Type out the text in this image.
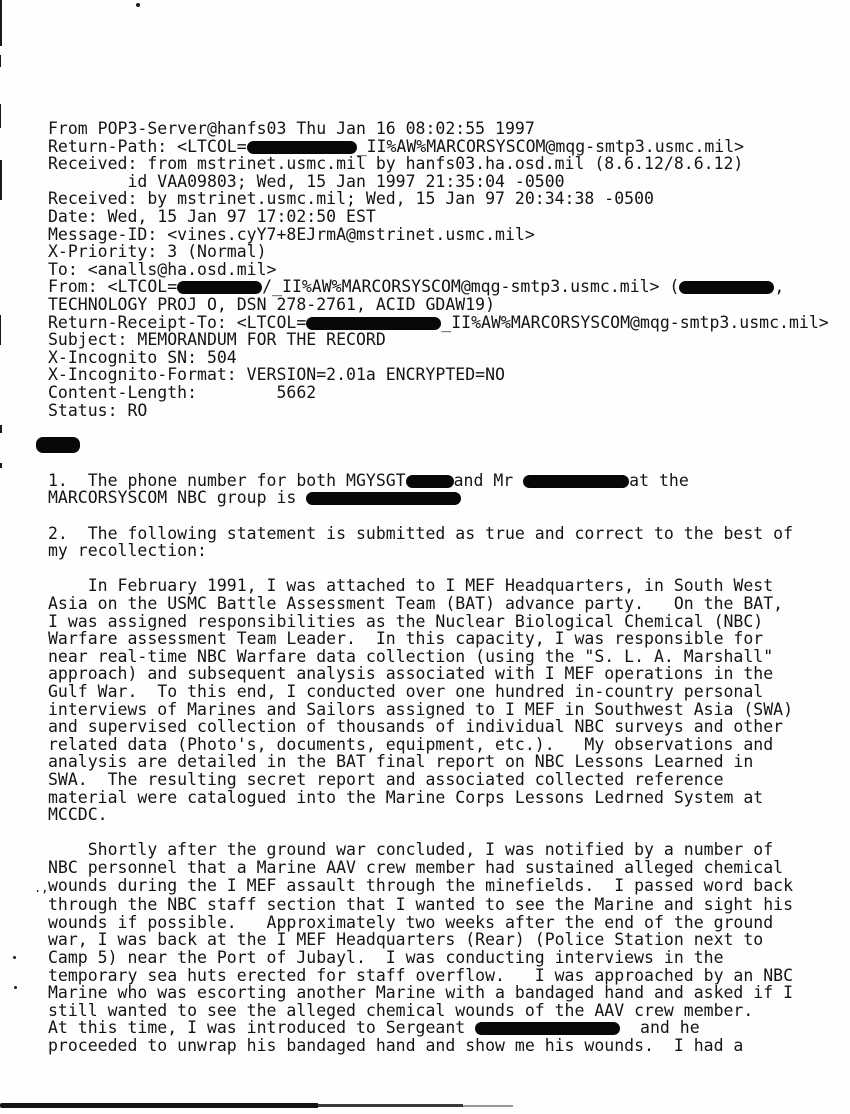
From POP3-Server@hanfs03 Thu Jan 16 08:02:55 1997
Return-Path: <LTCOL=	_II%AW%MARCORSYSCOM@mqg-smtp3.usmc.mil>
Received: from mstrinet.usmc.mil by hanfs03.ha.osd.mil (8.6.12/8.6.12)
id VAA09803; Wed, 15 Jan 1997 21:35:04 -0500
Received: by mstrinet.usmc.mil; Wed, 15 Jan 97 20:34:38 -0500
Date: Wed, 15 Jan 97 17:02:50 EST
Message-ID: <vines.cyY7+8EJrmA@mstrinet.usmc.mil>
X-Priority: 3 (Normal)
To: <analls@ha.osd.mil>
From: <LTCOL=	/_II%AW%MARCORSYSCOM@mqg-smtp3.usmc.mil> (	,
TECHNOLOGY PROJ O, DSN 278-2761, ACID GDAW19)
Return-Receipt-To: <LTCOL=	_II%AW%MARCORSYSCOM@mqg-smtp3.usmc.mil>
Subject: MEMORANDUM FOR THE RECORD
X-Incognito SN: 504
X-Incognito-Format: VERSION=2.01a ENCRYPTED=NO
Content-Length:        5662
Status: RO
1.  The phone number for both MGYSGT	and Mr	at the
MARCORSYSCOM NBC group is
2.  The following statement is submitted as true and correct to the best of
my recollection:
In February 1991, I was attached to I MEF Headquarters, in South West
Asia on the USMC Battle Assessment Team (BAT) advance party.   On the BAT,
I was assigned responsibilities as the Nuclear Biological Chemical (NBC)
Warfare assessment Team Leader.  In this capacity, I was responsible for
near real-time NBC Warfare data collection (using the "S. L. A. Marshall"
approach) and subsequent analysis associated with I MEF operations in the
Gulf War.  To this end, I conducted over one hundred in-country personal
interviews of Marines and Sailors assigned to I MEF in Southwest Asia (SWA)
and supervised collection of thousands of individual NBC surveys and other
related data (Photo's, documents, equipment, etc.).   My observations and
analysis are detailed in the BAT final report on NBC Lessons Learned in
SWA.  The resulting secret report and associated collected reference
material were catalogued into the Marine Corps Lessons Ledrned System at
MCCDC.
Shortly after the ground war concluded, I was notified by a number of
NBC personnel that a Marine AAV crew member had sustained alleged chemical
.,wounds during the I MEF assault through the minefields.  I passed word back
through the NBC staff section that I wanted to see the Marine and sight his
wounds if possible.   Approximately two weeks after the end of the ground
war, I was back at the I MEF Headquarters (Rear) (Police Station next to
Camp 5) near the Port of Jubayl.  I was conducting interviews in the
temporary sea huts erected for staff overflow.   I was approached by an NBC
Marine who was escorting another Marine with a bandaged hand and asked if I
still wanted to see the alleged chemical wounds of the AAV crew member.
At this time, I was introduced to Sergeant	and he
proceeded to unwrap his bandaged hand and show me his wounds.  I had a
